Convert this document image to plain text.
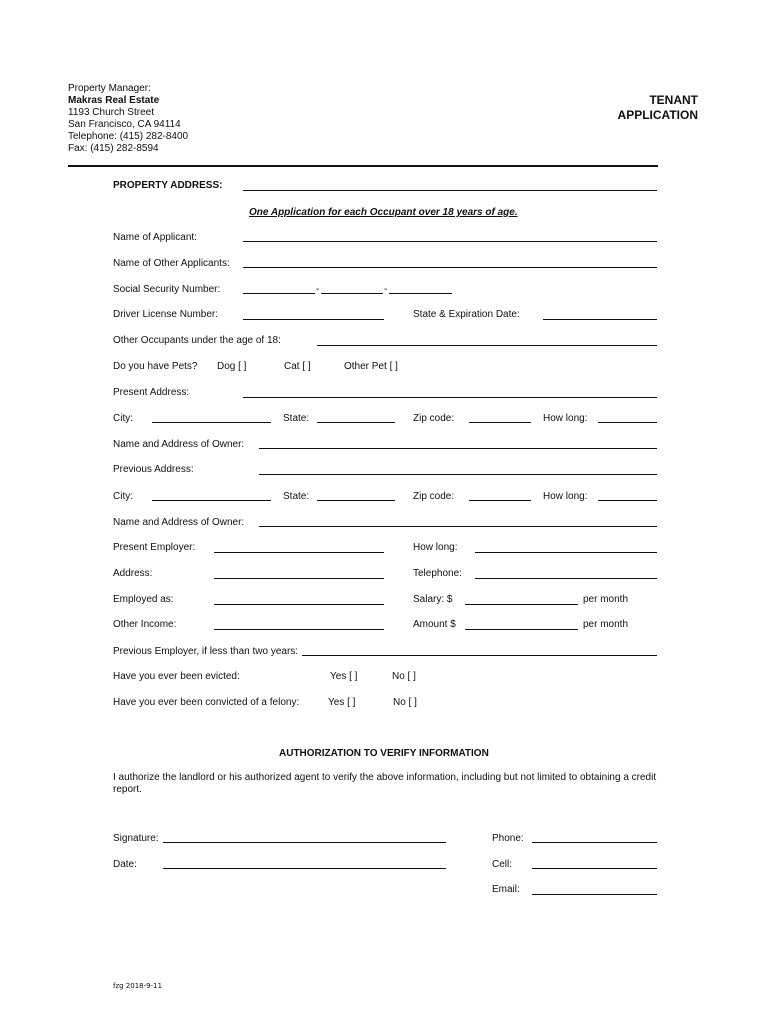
Property Manager:
Makras Real Estate
1193 Church Street
San Francisco, CA 94114
Telephone: (415) 282-8400
Fax: (415) 282-8594
TENANT
APPLICATION
PROPERTY ADDRESS:
One Application for each Occupant over 18 years of age.
Name of Applicant:
Name of Other Applicants:
Social Security Number:	-	-
Driver License Number:	State & Expiration Date:
Other Occupants under the age of 18:
Do you have Pets? Dog [ ]	Cat [ ]	Other Pet [ ]
Present Address:
City:	State:	Zip code:	How long:
Name and Address of Owner:
Previous Address:
City:	State:	Zip code:	How long:
Name and Address of Owner:
Present Employer:	How long:
Address:	Telephone:
Employed as:	Salary: $	per month
Other Income:	Amount $	per month
Previous Employer, if less than two years:
Have you ever been evicted:	Yes [ ]	No [ ]
Have you ever been convicted of a felony:	Yes [ ]	No [ ]
AUTHORIZATION TO VERIFY INFORMATION
I authorize the landlord or his authorized agent to verify the above information, including but not limited to obtaining a credit report.
Signature:	Phone:
Date:	Cell:
Email:
fzg 2018-9-11
